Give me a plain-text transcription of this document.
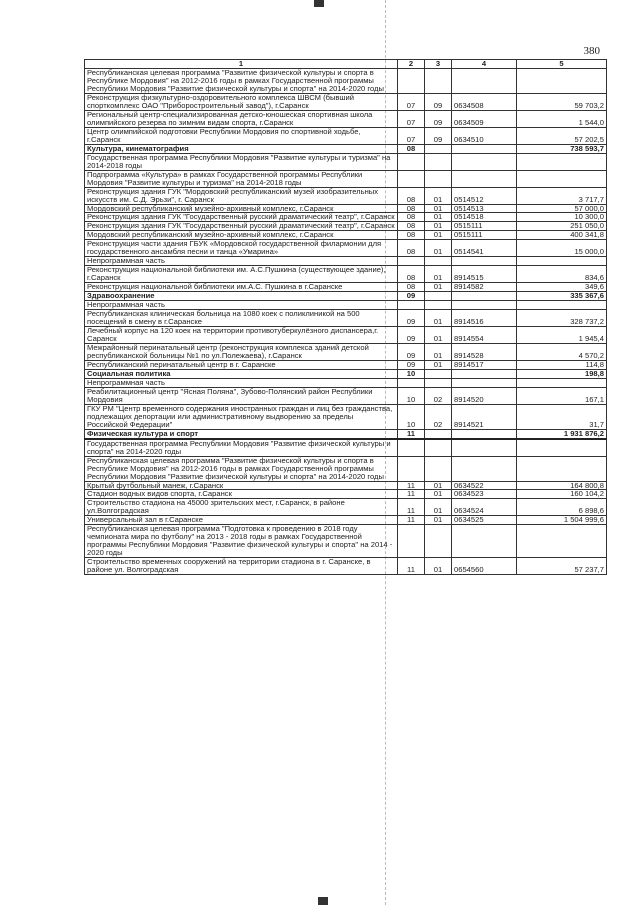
380
1	2	3	4	5
Республиканская целевая программа "Развитие физической культуры и спорта в Республике Мордовия" на 2012-2016 годы в рамках Государственной программы Республики Мордовия "Развитие физической культуры и спорта" на 2014-2020 годы				
Реконструкция физкультурно-оздоровительного комплекса ШВСМ (бывший спорткомплекс ОАО "Приборостроительный завод"), г.Саранск	07	09	0634508	59 703,2
Региональный центр-специализированная детско-юношеская спортивная школа олимпийского резерва по зимним видам спорта, г.Саранск	07	09	0634509	1 544,0
Центр олимпийской подготовки Республики Мордовия по спортивной ходьбе, г.Саранск	07	09	0634510	57 202,5
Культура, кинематография	08			738 593,7
Государственная программа Республики Мордовия "Развитие культуры и туризма" на 2014-2018 годы				
Подпрограмма «Культура» в рамках Государственной программы Республики Мордовия "Развитие культуры и туризма" на 2014-2018 годы				
Реконструкция здания ГУК "Мордовский республиканский музей изобразительных искусств им. С.Д. Эрьзи", г. Саранск	08	01	0514512	3 717,7
Мордовский республиканский музейно-архивный комплекс, г.Саранск	08	01	0514513	57 000,0
Реконструкция здания ГУК "Государственный русский драматический театр", г.Саранск	08	01	0514518	10 300,0
Реконструкция здания ГУК "Государственный русский драматический театр", г.Саранск	08	01	0515111	251 050,0
Мордовский республиканский музейно-архивный комплекс, г.Саранск	08	01	0515111	400 341,8
Реконструкция части здания ГБУК «Мордовской государственной филармонии для государственного ансамбля песни и танца «Умарина»	08	01	0514541	15 000,0
Непрограммная часть				
Реконструкция национальной библиотеки им. А.С.Пушкина (существующее здание), г.Саранск	08	01	8914515	834,6
Реконструкция национальной библиотеки им.А.С. Пушкина в г.Саранске	08	01	8914582	349,6
Здравоохранение	09			335 367,6
Непрограммная часть				
Республиканская клиническая больница на 1080 коек с поликлиникой на 500 посещений в смену в г.Саранске	09	01	8914516	328 737,2
Лечебный корпус на 120 коек на территории противотуберкулёзного диспансера,г. Саранск	09	01	8914554	1 945,4
Межрайонный перинатальный центр (реконструкция комплекса зданий детской республиканской больницы №1 по ул.Полежаева), г.Саранск	09	01	8914528	4 570,2
Республиканский перинатальный центр в г. Саранске	09	01	8914517	114,8
Социальная политика	10			198,8
Непрограммная часть				
Реабилитационный центр "Ясная Поляна", Зубово-Полянский район Республики Мордовия	10	02	8914520	167,1
ГКУ РМ "Центр временного содержания иностранных граждан и лиц без гражданства, подлежащих депортации или административному выдворению за пределы Российской Федерации"	10	02	8914521	31,7
Физическая культура и спорт	11			1 931 876,2
Государственная программа Республики Мордовия "Развитие физической культуры и спорта" на 2014-2020 годы				
Республиканская целевая программа "Развитие физической культуры и спорта в Республике Мордовия" на 2012-2016 годы в рамках Государственной программы Республики Мордовия "Развитие физической культуры и спорта" на 2014-2020 годы				
Крытый футбольный манеж, г.Саранск	11	01	0634522	164 800,8
Стадион водных видов спорта, г.Саранск	11	01	0634523	160 104,2
Строительство стадиона на 45000 зрительских мест, г.Саранск, в районе ул.Волгоградская	11	01	0634524	6 898,6
Универсальный зал в г.Саранске	11	01	0634525	1 504 999,6
Республиканская целевая программа "Подготовка к проведению в 2018 году чемпионата мира по футболу" на 2013 - 2018 годы в рамках Государственной программы Республики Мордовия "Развитие физической культуры и спорта" на 2014 - 2020 годы				
Строительство временных сооружений на территории стадиона в г. Саранске, в районе ул. Волгоградская	11	01	0654560	57 237,7
